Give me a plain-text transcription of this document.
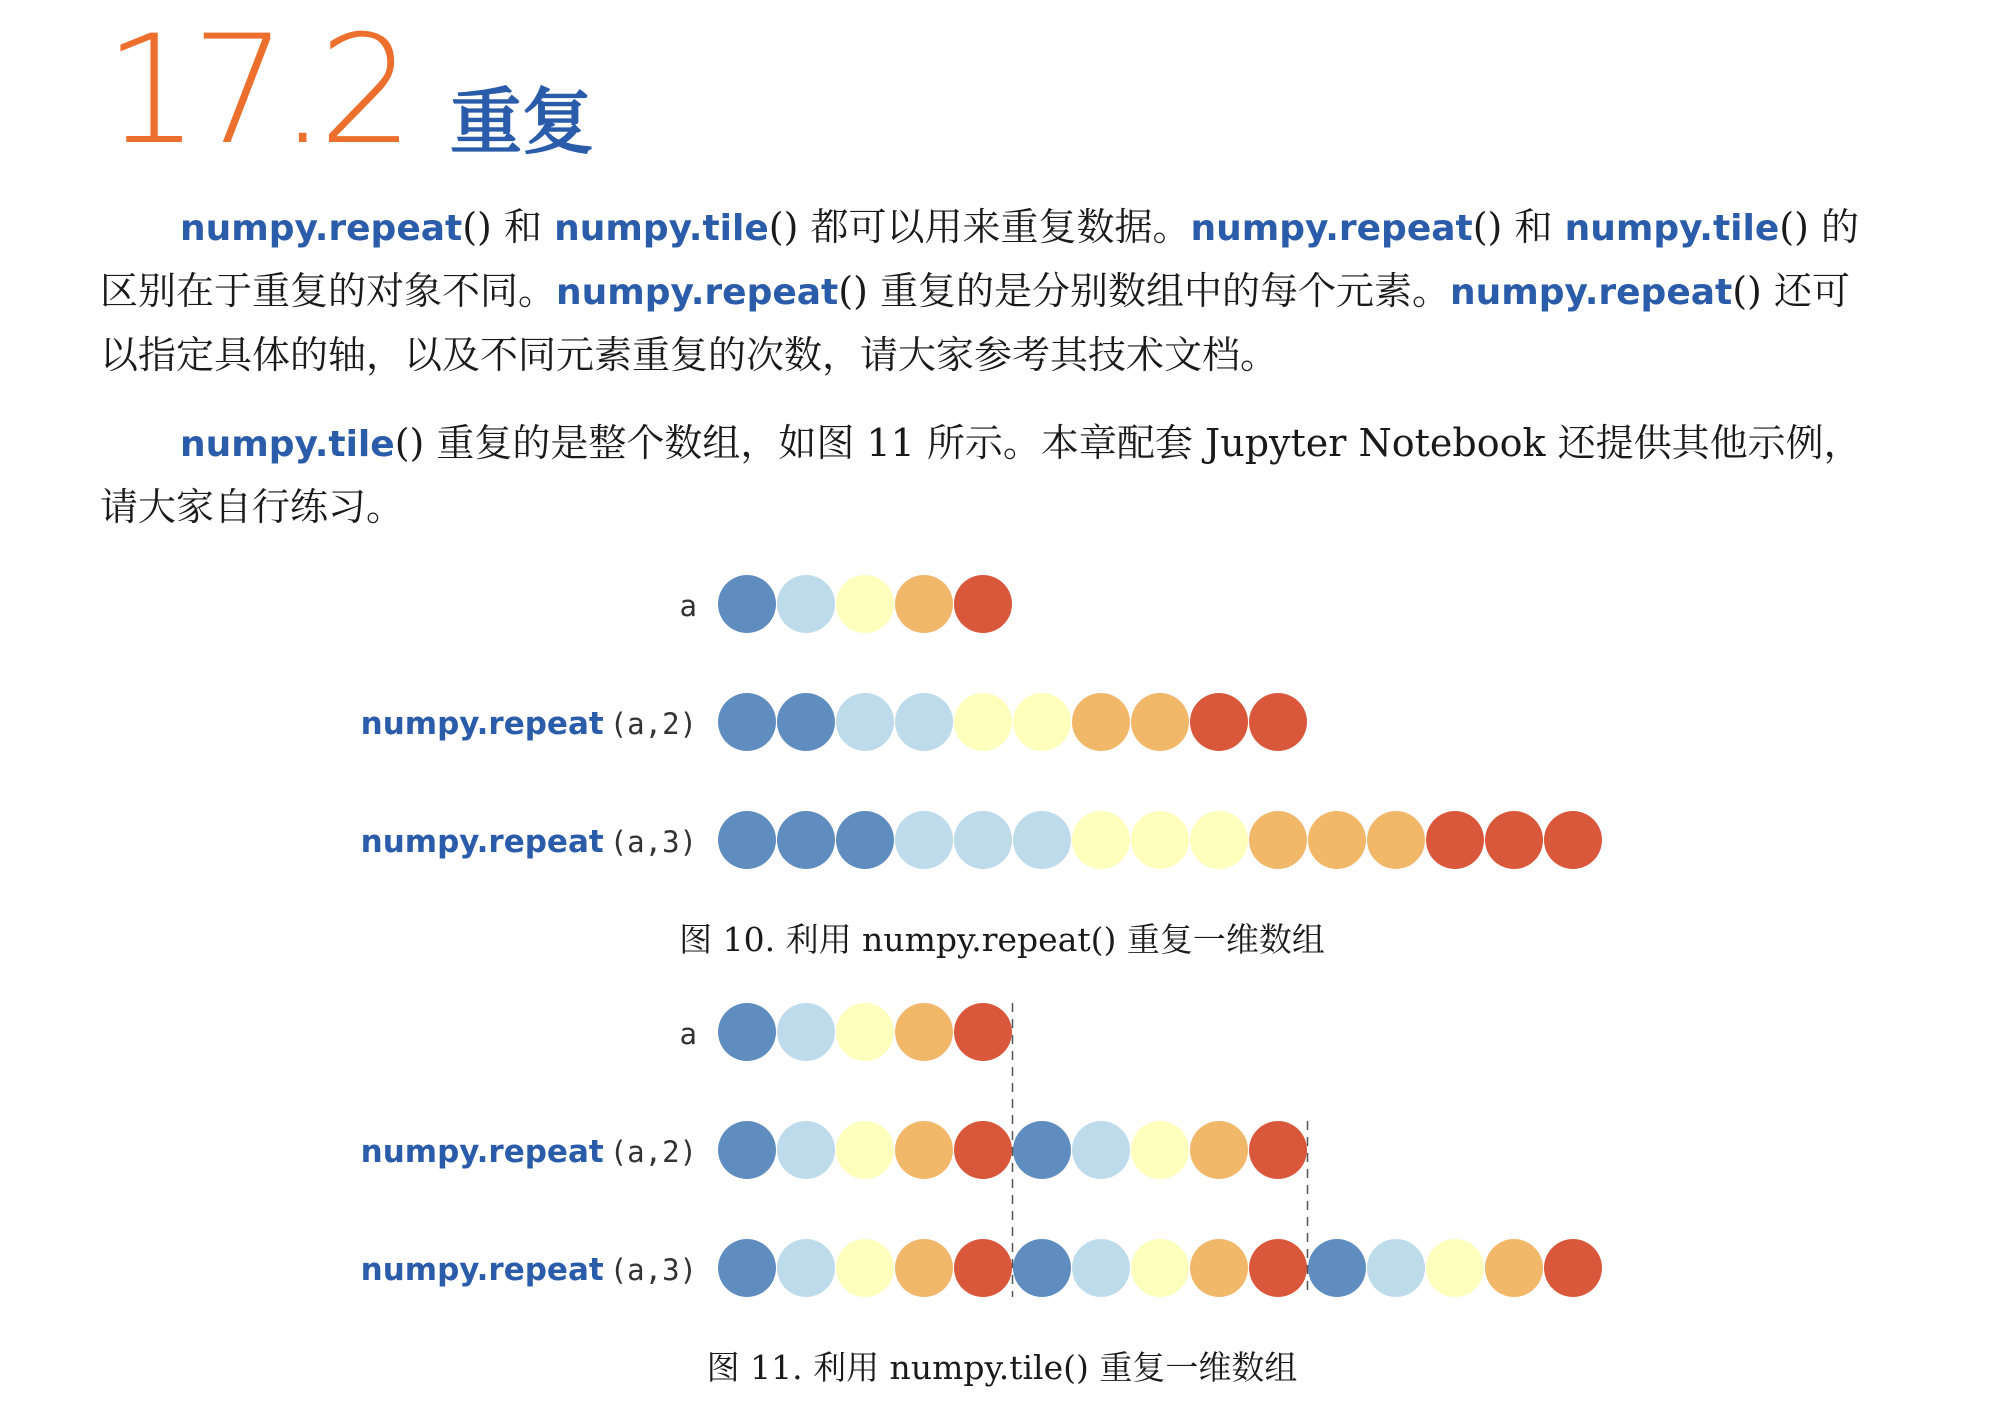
17.2 重复
numpy.repeat() 和 numpy.tile() 都可以用来重复数据。numpy.repeat() 和 numpy.tile() 的区别在于重复的对象不同。numpy.repeat() 重复的是分别数组中的每个元素。numpy.repeat() 还可以指定具体的轴，以及不同元素重复的次数，请大家参考其技术文档。
numpy.tile() 重复的是整个数组，如图 11 所示。本章配套 Jupyter Notebook 还提供其他示例，请大家自行练习。
a
numpy.repeat (a,2)
numpy.repeat (a,3)
a
numpy.repeat (a,2)
numpy.repeat (a,3)
图 10. 利用 numpy.repeat() 重复一维数组
图 11. 利用 numpy.tile() 重复一维数组
